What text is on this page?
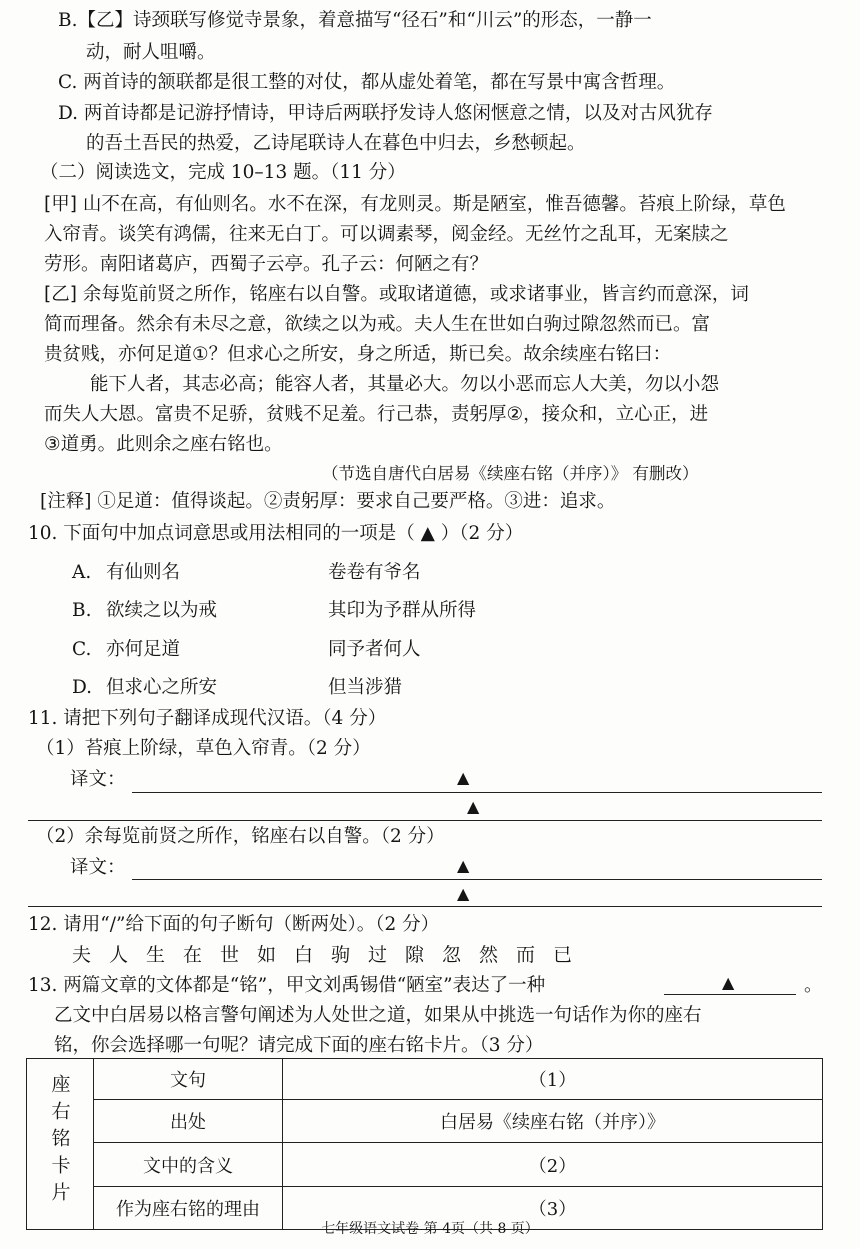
B.【乙】诗颈联写修觉寺景象，着意描写“径石”和“川云”的形态，一静一
动，耐人咀嚼。
C. 两首诗的颔联都是很工整的对仗，都从虚处着笔，都在写景中寓含哲理。
D. 两首诗都是记游抒情诗，甲诗后两联抒发诗人悠闲惬意之情，以及对古风犹存
的吾土吾民的热爱，乙诗尾联诗人在暮色中归去，乡愁顿起。
（二）阅读选文，完成 10–13 题。（11 分）
[甲] 山不在高，有仙则名。水不在深，有龙则灵。斯是陋室，惟吾德馨。苔痕上阶绿，草色
入帘青。谈笑有鸿儒，往来无白丁。可以调素琴，阅金经。无丝竹之乱耳，无案牍之
劳形。南阳诸葛庐，西蜀子云亭。孔子云：何陋之有？
[乙] 余每览前贤之所作，铭座右以自警。或取诸道德，或求诸事业，皆言约而意深，词
简而理备。然余有未尽之意，欲续之以为戒。夫人生在世如白驹过隙忽然而已。富
贵贫贱，亦何足道①？但求心之所安，身之所适，斯已矣。故余续座右铭曰：
能下人者，其志必高；能容人者，其量必大。勿以小恶而忘人大美，勿以小怨
而失人大恩。富贵不足骄，贫贱不足羞。行己恭，责躬厚②，接众和，立心正，进
③道勇。此则余之座右铭也。
（节选自唐代白居易《续座右铭（并序）》 有删改）
[注释] ①足道：值得谈起。②责躬厚：要求自己要严格。③进：追求。
10. 下面句中加点词意思或用法相同的一项是（ ▲ ）（2 分）
A. 有仙则名	卷卷有爷名
B. 欲续之以为戒	其印为予群从所得
C. 亦何足道	同予者何人
D. 但求心之所安	但当涉猎
11. 请把下列句子翻译成现代汉语。（4 分）
（1）苔痕上阶绿，草色入帘青。（2 分）
译文：	▲
▲
（2）余每览前贤之所作，铭座右以自警。（2 分）
译文：	▲
▲
12. 请用“/”给下面的句子断句（断两处）。（2 分）
夫人生在世如白驹过隙忽然而已
13. 两篇文章的文体都是“铭”，甲文刘禹锡借“陋室”表达了一种	▲	。
乙文中白居易以格言警句阐述为人处世之道，如果从中挑选一句话作为你的座右
铭，你会选择哪一句呢？请完成下面的座右铭卡片。（3 分）
座右铭卡片	文句	（1）
	出处	白居易《续座右铭（并序）》
	文中的含义	（2）
	作为座右铭的理由	（3）
七年级语文试卷 第 4页（共 8 页）
